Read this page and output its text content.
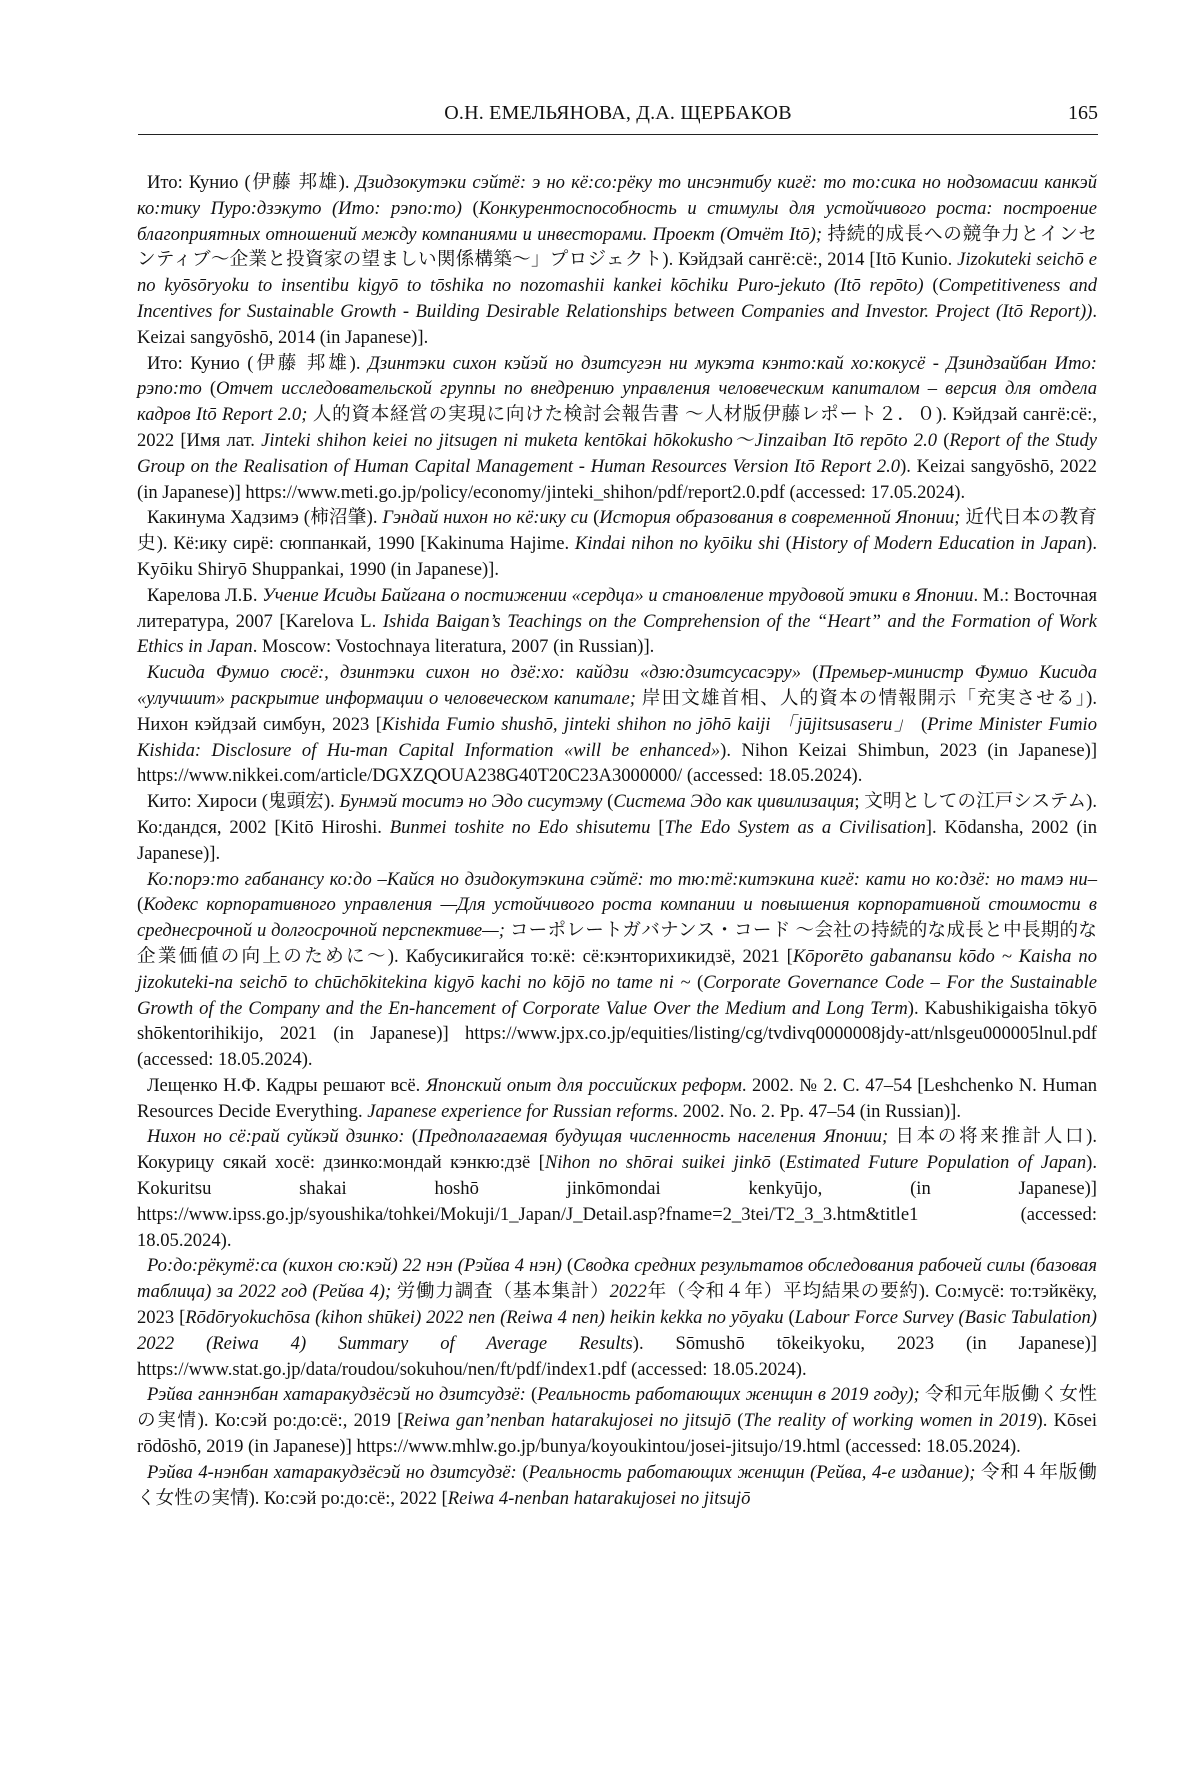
О.Н. ЕМЕЛЬЯНОВА, Д.А. ЩЕРБАКОВ	165

Ито: Кунио (伊藤 邦雄). Дзидзокутэки сэйтё: э но кё:со:рёку то инсэнтибу кигё: то то:сика но нодзомасии канкэй ко:тику Пуро:дзэкуто (Ито: рэпо:то) (Конкурентоспособность и стимулы для устойчивого роста: построение благоприятных отношений между компаниями и инвесторами. Проект (Отчёт Itō); 持続的成長への競争力とインセンティブ～企業と投資家の望ましい関係構築～」プロジェクト). Кэйдзай сангё:сё:, 2014 [Itō Kunio. Jizokuteki seichō e no kyōsōryoku to insentibu kigyō to tōshika no nozomashii kankei kōchiku Puro-jekuto (Itō repōto) (Competitiveness and Incentives for Sustainable Growth - Building Desirable Relationships between Companies and Investor. Project (Itō Report)). Keizai sangyōshō, 2014 (in Japanese)].

Ито: Кунио (伊藤 邦雄). Дзинтэки сихон кэйэй но дзитсугэн ни мукэта кэнто:кай хо:кокусё - Дзиндзайбан Ито: рэпо:то (Отчет исследовательской группы по внедрению управления человеческим капиталом – версия для отдела кадров Itō Report 2.0; 人的資本経営の実現に向けた検討会報告書 ～人材版伊藤レポート２．０). Кэйдзай сангё:сё:, 2022 [Имя лат. Jinteki shihon keiei no jitsugen ni muketa kentōkai hōkokusho～Jinzaiban Itō repōto 2.0 (Report of the Study Group on the Realisation of Human Capital Management - Human Resources Version Itō Report 2.0). Keizai sangyōshō, 2022 (in Japanese)] https://www.meti.go.jp/policy/economy/jinteki_shihon/pdf/report2.0.pdf (accessed: 17.05.2024).

Какинума Хадзимэ (柿沼肇). Гэндай нихон но кё:ику си (История образования в современной Японии; 近代日本の教育史). Кё:ику сирё: сюппанкай, 1990 [Kakinuma Hajime. Kindai nihon no kyōiku shi (History of Modern Education in Japan). Kyōiku Shiryō Shuppankai, 1990 (in Japanese)].

Карелова Л.Б. Учение Исиды Байгана о постижении «сердца» и становление трудовой этики в Японии. М.: Восточная литература, 2007 [Karelova L. Ishida Baigan’s Teachings on the Comprehension of the “Heart” and the Formation of Work Ethics in Japan. Moscow: Vostochnaya literatura, 2007 (in Russian)].

Кисида Фумио сюсё:, дзинтэки сихон но дзё:хо: кайдзи «дзю:дзитсусасэру» (Премьер-министр Фумио Кисида «улучшит» раскрытие информации о человеческом капитале; 岸田文雄首相、人的資本の情報開示「充実させる」). Нихон кэйдзай симбун, 2023 [Kishida Fumio shushō, jinteki shihon no jōhō kaiji 「jūjitsusaseru」 (Prime Minister Fumio Kishida: Disclosure of Hu-man Capital Information «will be enhanced»). Nihon Keizai Shimbun, 2023 (in Japanese)] https://www.nikkei.com/article/DGXZQOUA238G40T20C23A3000000/ (accessed: 18.05.2024).

Кито: Хироси (鬼頭宏). Бунмэй тоситэ но Эдо сисутэму (Система Эдо как цивилизация; 文明としての江戸システム). Ко:дандся, 2002 [Kitō Hiroshi. Bunmei toshite no Edo shisutemu [The Edo System as a Civilisation]. Kōdansha, 2002 (in Japanese)].

Ко:порэ:то габанансу ко:до –Кайся но дзидокутэкина сэйтё: то тю:тё:китэкина кигё: кати но ко:дзё: но тамэ ни– (Кодекс корпоративного управления —Для устойчивого роста компании и повышения корпоративной стоимости в среднесрочной и долгосрочной перспективе—; コーポレートガバナンス・コード ～会社の持続的な成長と中長期的な企業価値の向上のために～). Кабусикигайся то:кё: сё:кэнторихикидзё, 2021 [Kōporēto gabanansu kōdo ~ Kaisha no jizokuteki-na seichō to chūchōkitekina kigyō kachi no kōjō no tame ni ~ (Corporate Governance Code – For the Sustainable Growth of the Company and the En-hancement of Corporate Value Over the Medium and Long Term). Kabushikigaisha tōkyō shōkentorihikijo, 2021 (in Japanese)] https://www.jpx.co.jp/equities/listing/cg/tvdivq0000008jdy-att/nlsgeu000005lnul.pdf (accessed: 18.05.2024).

Лещенко Н.Ф. Кадры решают всё. Японский опыт для российских реформ. 2002. № 2. С. 47–54 [Leshchenko N. Human Resources Decide Everything. Japanese experience for Russian reforms. 2002. No. 2. Pp. 47–54 (in Russian)].

Нихон но сё:рай суйкэй дзинко: (Предполагаемая будущая численность населения Японии; 日本の将来推計人口). Кокурицу сякай хосё: дзинко:мондай кэнкю:дзё [Nihon no shōrai suikei jinkō (Estimated Future Population of Japan). Kokuritsu shakai hoshō jinkōmondai kenkyūjo, (in Japanese)] https://www.ipss.go.jp/syoushika/tohkei/Mokuji/1_Japan/J_Detail.asp?fname=2_3tei/T2_3_3.htm&title1 (accessed: 18.05.2024).

Ро:до:рёкутё:са (кихон сю:кэй) 22 нэн (Рэйва 4 нэн) (Сводка средних результатов обследования рабочей силы (базовая таблица) за 2022 год (Рейва 4); 労働力調査（基本集計）2022年（令和４年）平均結果の要約). Со:мусё: то:тэйкёку, 2023 [Rōdōryokuchōsa (kihon shūkei) 2022 nen (Reiwa 4 nen) heikin kekka no yōyaku (Labour Force Survey (Basic Tabulation) 2022 (Reiwa 4) Summary of Average Results). Sōmushō tōkeikyoku, 2023 (in Japanese)] https://www.stat.go.jp/data/roudou/sokuhou/nen/ft/pdf/index1.pdf (accessed: 18.05.2024).

Рэйва ганнэнбан хатаракудзёсэй но дзитсудзё: (Реальность работающих женщин в 2019 году); 令和元年版働く女性の実情). Ко:сэй ро:до:сё:, 2019 [Reiwa gan’nenban hatarakujosei no jitsujō (The reality of working women in 2019). Kōsei rōdōshō, 2019 (in Japanese)] https://www.mhlw.go.jp/bunya/koyoukintou/josei-jitsujo/19.html (accessed: 18.05.2024).

Рэйва 4-нэнбан хатаракудзёсэй но дзитсудзё: (Реальность работающих женщин (Рейва, 4-е издание); 令和４年版働く女性の実情). Ко:сэй ро:до:сё:, 2022 [Reiwa 4-nenban hatarakujosei no jitsujō
